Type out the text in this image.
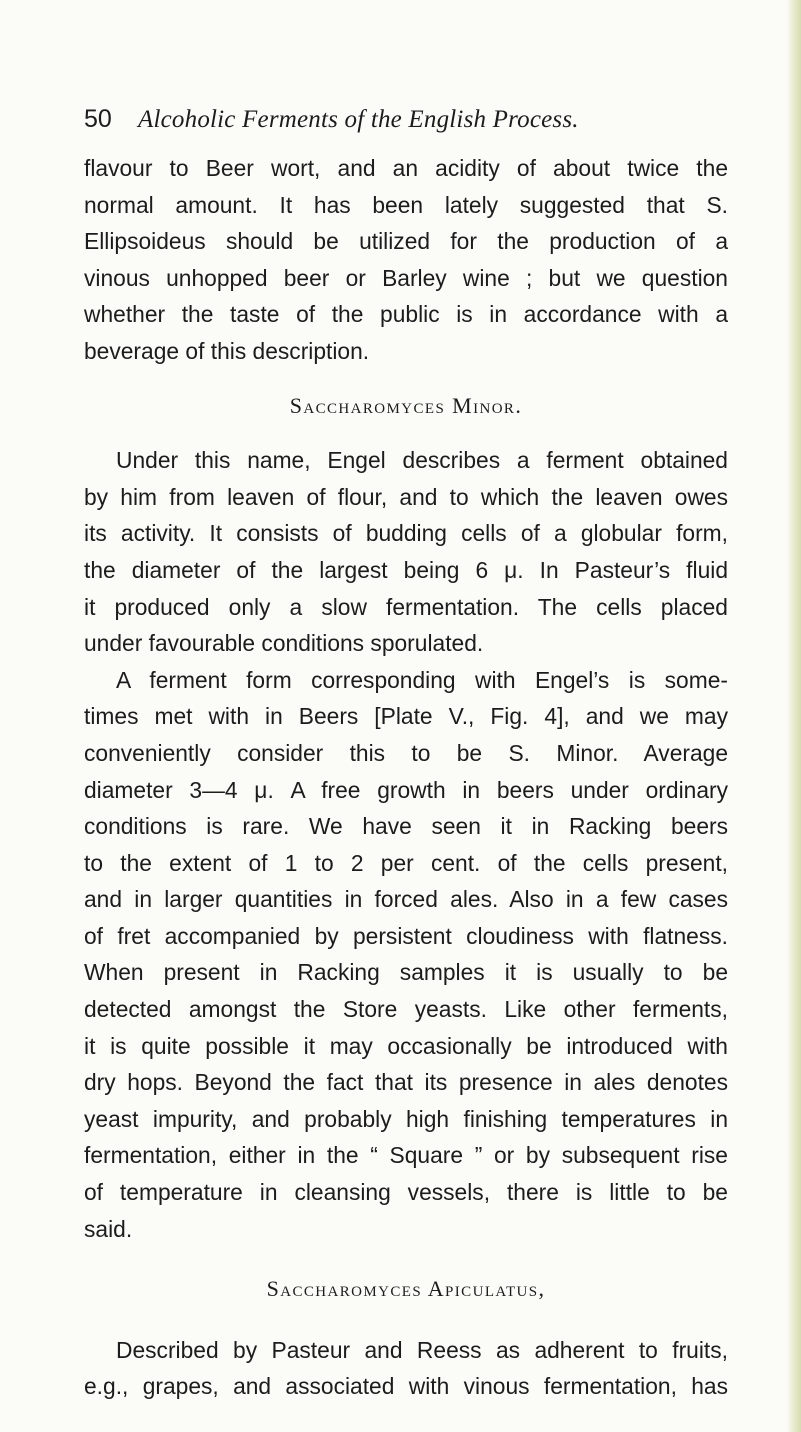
50 Alcoholic Ferments of the English Process.
flavour to Beer wort, and an acidity of about twice the
normal amount. It has been lately suggested that S.
Ellipsoideus should be utilized for the production of a
vinous unhopped beer or Barley wine ; but we question
whether the taste of the public is in accordance with a
beverage of this description.
Saccharomyces Minor.
Under this name, Engel describes a ferment obtained
by him from leaven of flour, and to which the leaven owes
its activity. It consists of budding cells of a globular form,
the diameter of the largest being 6 μ. In Pasteur’s fluid
it produced only a slow fermentation. The cells placed
under favourable conditions sporulated.
A ferment form corresponding with Engel’s is some-
times met with in Beers [Plate V., Fig. 4], and we may
conveniently consider this to be S. Minor. Average
diameter 3—4 μ. A free growth in beers under ordinary
conditions is rare. We have seen it in Racking beers
to the extent of 1 to 2 per cent. of the cells present,
and in larger quantities in forced ales. Also in a few cases
of fret accompanied by persistent cloudiness with flatness.
When present in Racking samples it is usually to be
detected amongst the Store yeasts. Like other ferments,
it is quite possible it may occasionally be introduced with
dry hops. Beyond the fact that its presence in ales denotes
yeast impurity, and probably high finishing temperatures in
fermentation, either in the “ Square ” or by subsequent rise
of temperature in cleansing vessels, there is little to be
said.
Saccharomyces Apiculatus,
Described by Pasteur and Reess as adherent to fruits,
e.g., grapes, and associated with vinous fermentation, has
